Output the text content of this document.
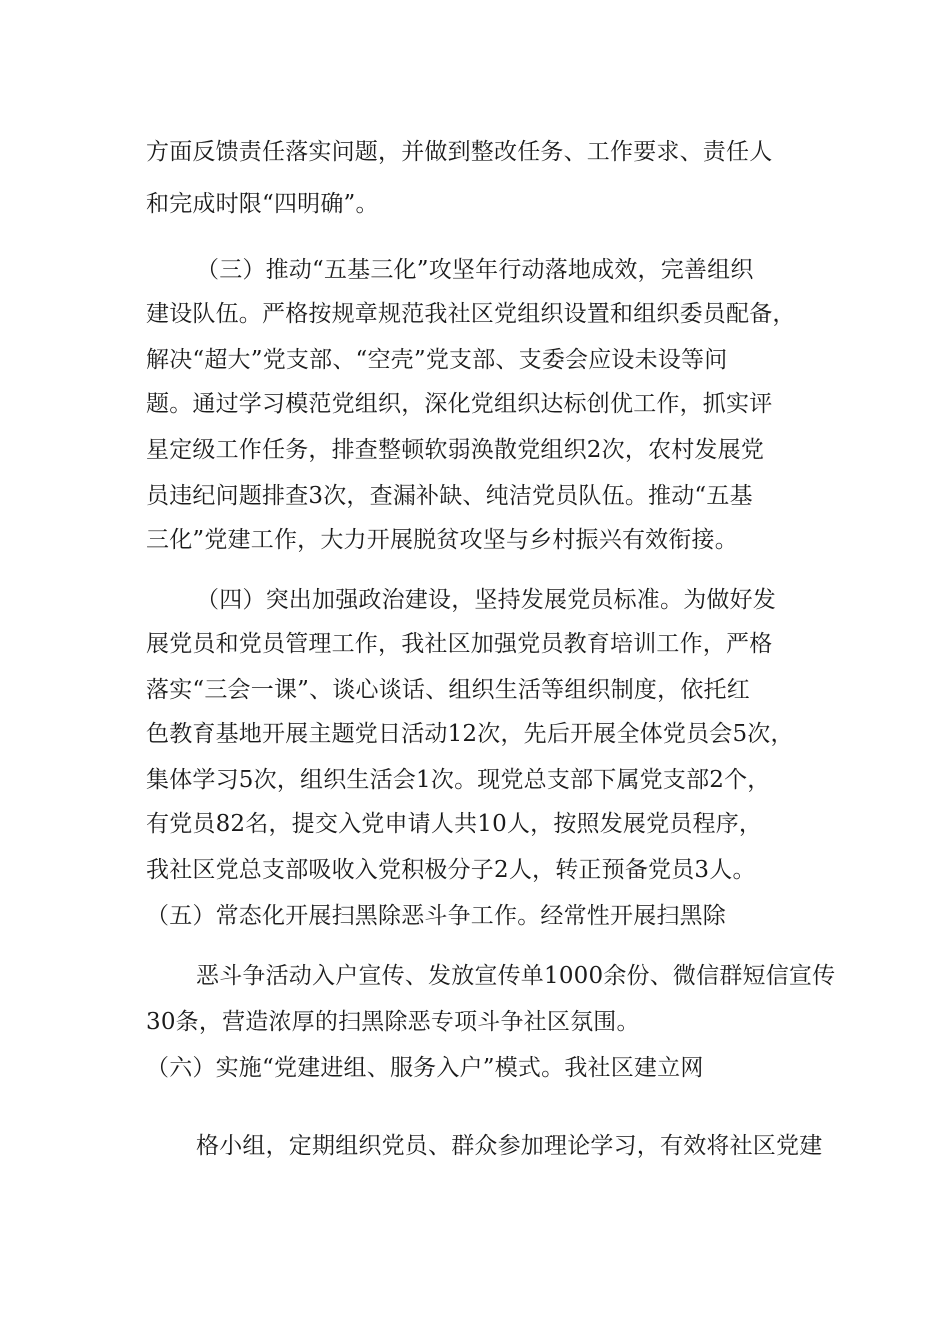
方面反馈责任落实问题，并做到整改任务、工作要求、责任人
和完成时限“四明确”。
（三）推动“五基三化”攻坚年行动落地成效，完善组织
建设队伍。严格按规章规范我社区党组织设置和组织委员配备，
解决“超大”党支部、“空壳”党支部、支委会应设未设等问
题。通过学习模范党组织，深化党组织达标创优工作，抓实评
星定级工作任务，排查整顿软弱涣散党组织2次，农村发展党
员违纪问题排查3次，查漏补缺、纯洁党员队伍。推动“五基
三化”党建工作，大力开展脱贫攻坚与乡村振兴有效衔接。
（四）突出加强政治建设，坚持发展党员标准。为做好发
展党员和党员管理工作，我社区加强党员教育培训工作，严格
落实“三会一课”、谈心谈话、组织生活等组织制度，依托红
色教育基地开展主题党日活动12次，先后开展全体党员会5次，
集体学习5次，组织生活会1次。现党总支部下属党支部2个，
有党员82名，提交入党申请人共10人，按照发展党员程序，
我社区党总支部吸收入党积极分子2人，转正预备党员3人。
（五）常态化开展扫黑除恶斗争工作。经常性开展扫黑除
恶斗争活动入户宣传、发放宣传单1000余份、微信群短信宣传
30条，营造浓厚的扫黑除恶专项斗争社区氛围。
（六）实施“党建进组、服务入户”模式。我社区建立网
格小组，定期组织党员、群众参加理论学习，有效将社区党建
